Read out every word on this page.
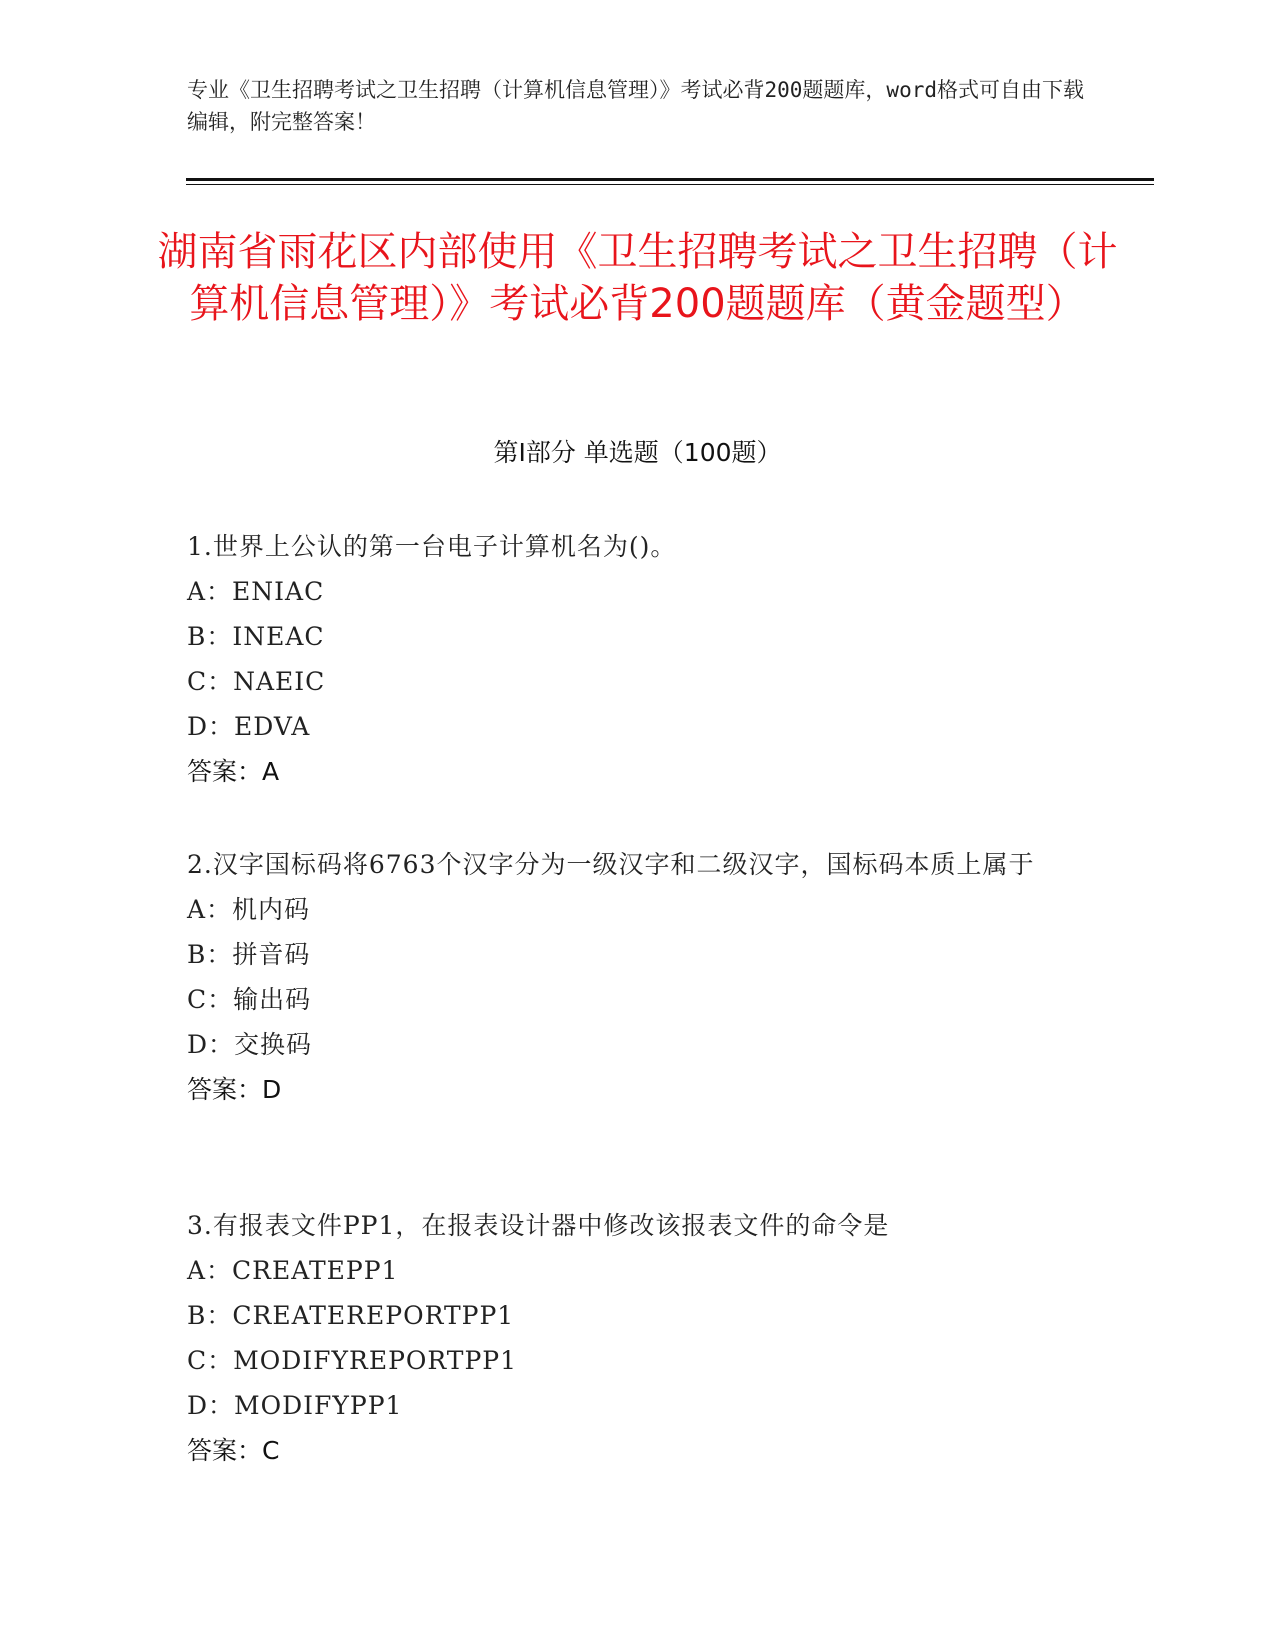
专业《卫生招聘考试之卫生招聘（计算机信息管理）》考试必背200题题库，word格式可自由下载编辑，附完整答案！
湖南省雨花区内部使用《卫生招聘考试之卫生招聘（计算机信息管理）》考试必背200题题库（黄金题型）
第Ⅰ部分 单选题（100题）
1.世界上公认的第一台电子计算机名为()。
A：ENIAC
B：INEAC
C：NAEIC
D：EDVA
答案：A
2.汉字国标码将6763个汉字分为一级汉字和二级汉字，国标码本质上属于
A：机内码
B：拼音码
C：输出码
D：交换码
答案：D
3.有报表文件PP1，在报表设计器中修改该报表文件的命令是
A：CREATEPP1
B：CREATEREPORTPP1
C：MODIFYREPORTPP1
D：MODIFYPP1
答案：C
